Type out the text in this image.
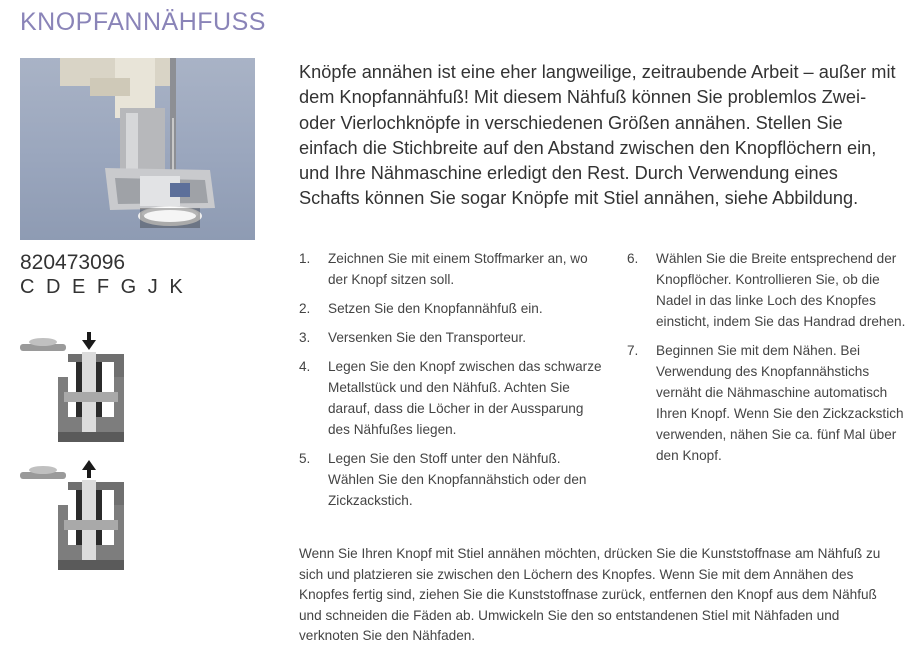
KNOPFANNÄHFUSS
820473096
C D E F G J K

Knöpfe annähen ist eine eher langweilige, zeitraubende Arbeit – außer mit dem Knopfannähfuß! Mit diesem Nähfuß können Sie problemlos Zwei- oder Vierlochknöpfe in verschiedenen Größen annähen. Stellen Sie einfach die Stichbreite auf den Abstand zwischen den Knopflöchern ein, und Ihre Nähmaschine erledigt den Rest. Durch Verwendung eines Schafts können Sie sogar Knöpfe mit Stiel annähen, siehe Abbildung.

1.	Zeichnen Sie mit einem Stoffmarker an, wo der Knopf sitzen soll.
2.	Setzen Sie den Knopfannähfuß ein.
3.	Versenken Sie den Transporteur.
4.	Legen Sie den Knopf zwischen das schwarze Metallstück und den Nähfuß. Achten Sie darauf, dass die Löcher in der Aussparung des Nähfußes liegen.
5.	Legen Sie den Stoff unter den Nähfuß. Wählen Sie den Knopfannähstich oder den Zickzackstich.
6.	Wählen Sie die Breite entsprechend der Knopflöcher. Kontrollieren Sie, ob die Nadel in das linke Loch des Knopfes einsticht, indem Sie das Handrad drehen.
7.	Beginnen Sie mit dem Nähen. Bei Verwendung des Knopfannähstichs vernäht die Nähmaschine automatisch Ihren Knopf. Wenn Sie den Zickzackstich verwenden, nähen Sie ca. fünf Mal über den Knopf.

Wenn Sie Ihren Knopf mit Stiel annähen möchten, drücken Sie die Kunststoffnase am Nähfuß zu sich und platzieren sie zwischen den Löchern des Knopfes. Wenn Sie mit dem Annähen des Knopfes fertig sind, ziehen Sie die Kunststoffnase zurück, entfernen den Knopf aus dem Nähfuß und schneiden die Fäden ab. Umwickeln Sie den so entstandenen Stiel mit Nähfaden und verknoten Sie den Nähfaden.
